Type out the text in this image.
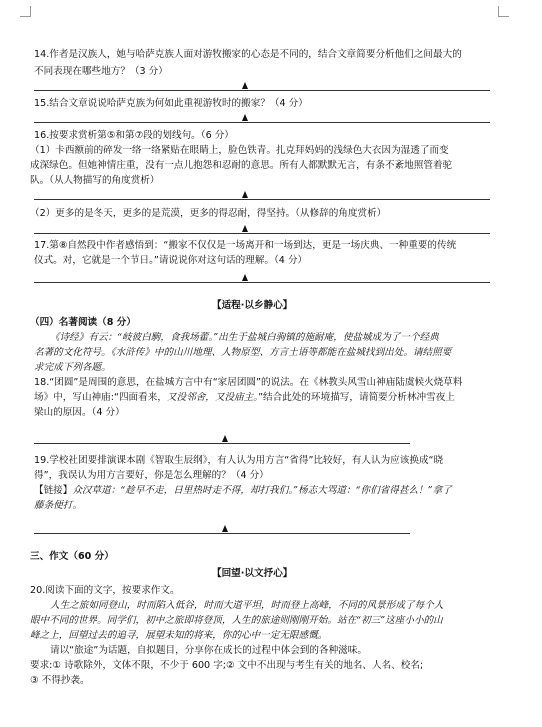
14.作者是汉族人，她与哈萨克族人面对游牧搬家的心态是不同的，结合文章简要分析他们之间最大的
不同表现在哪些地方？（3 分）
15.结合文章说说哈萨克族为何如此重视游牧时的搬家？（4 分）
16.按要求赏析第⑤和第⑦段的划线句。（6 分）
（1）卡西额前的碎发一络一络紧贴在眼睛上，脸色铁青。扎克拜妈妈的浅绿色大衣因为湿透了而变
成深绿色。但她神情庄重，没有一点儿抱怨和忍耐的意思。所有人都默默无言，有条不紊地照管着驼
队。（从人物描写的角度赏析）
（2）更多的是冬天，更多的是荒漠，更多的得忍耐，得坚持。（从修辞的角度赏析）
17.第⑧自然段中作者感悟到：“搬家不仅仅是一场离开和一场到达，更是一场庆典、一种重要的传统
仪式。对，它就是一个节日。”请说说你对这句话的理解。（4 分）
【适程·以乡静心】
（四）名著阅读（8 分）
《诗经》有云：“岐彼白駒，食我场藿。”出生于盐城白驹镇的施耐庵，使盐城成为了一个经典
名著的文化符号。《水浒传》中的山川地理、人物原型、方言土语等都能在盐城找到出处。请结照要
求完成下列各题。
18.“团圆”是周围的意思，在盐城方言中有“家居团圆”的说法。在《林教头风雪山神庙陆虞候火烧草料
场》中，写山神庙:“四面看来，又没邻舍，又没庙主。”结合此处的环境描写，请简要分析林冲雪夜上
梁山的原因。（4 分）
19.学校社团要排演课本剧《智取生辰纲》，有人认为用方言“省得”比较好，有人认为应该换成“晓
得”，我误认为用方言要好，你是怎么理解的？（4 分）
【链接】众汉草道：“趁早不走，日里热时走不得，却打我们。”杨志大骂道：“你们省得甚么！”拿了
藤条便打。
三、作文（60 分）
【回望·以文抒心】
20.阅读下面的文字，按要求作文。
人生之旅如同登山，时而陷入低谷，时而大道平坦，时而登上高峰，不同的风景形成了每个人
眼中不同的世界。同学们，初中之旅即将登顶，人生的旅途则刚刚开始。站在“初三”这座小小的山
峰之上，回望过去的追寻，展望未知的将来，你的心中一定无限感慨。
请以“旅途”为话题，自拟题目，分享你在成长的过程中体会到的各种滋味。
要求:① 诗歌除外，文体不限，不少于 600 字;② 文中不出现与考生有关的地名、人名、校名;
③ 不得抄袭。
